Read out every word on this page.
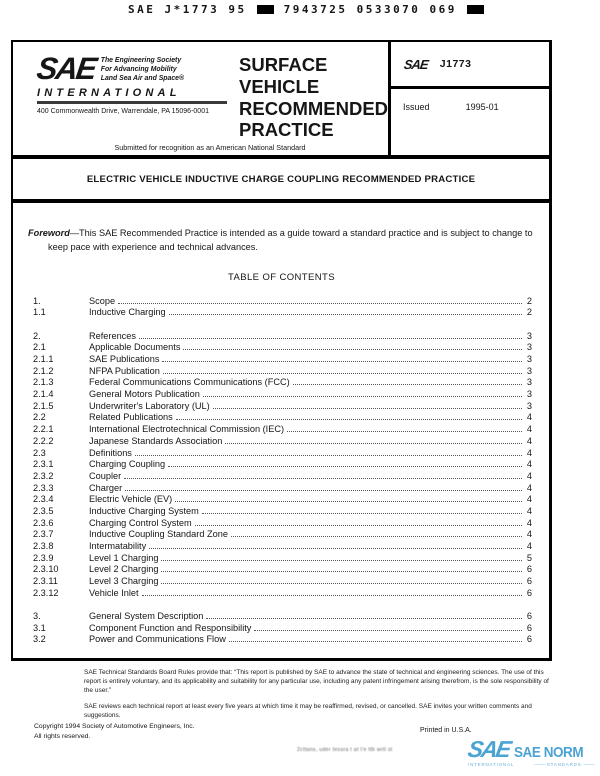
SAE J*1773 95	7943725 0533070 069
SAE The Engineering Society
For Advancing Mobility
Land Sea Air and Space®
INTERNATIONAL
400 Commonwealth Drive, Warrendale, PA 15096-0001
SURFACE
VEHICLE
RECOMMENDED
PRACTICE
SAE J1773
Issued	1995-01
Submitted for recognition as an American National Standard
ELECTRIC VEHICLE INDUCTIVE CHARGE COUPLING RECOMMENDED PRACTICE

Foreword—This SAE Recommended Practice is intended as a guide toward a standard practice and is subject to change to keep pace with experience and technical advances.

TABLE OF CONTENTS
1.	Scope	2
1.1	Inductive Charging	2
2.	References	3
2.1	Applicable Documents	3
2.1.1	SAE Publications	3
2.1.2	NFPA Publication	3
2.1.3	Federal Communications Communications (FCC)	3
2.1.4	General Motors Publication	3
2.1.5	Underwriter's Laboratory (UL)	3
2.2	Related Publications	4
2.2.1	International Electrotechnical Commission (IEC)	4
2.2.2	Japanese Standards Association	4
2.3	Definitions	4
2.3.1	Charging Coupling	4
2.3.2	Coupler	4
2.3.3	Charger	4
2.3.4	Electric Vehicle (EV)	4
2.3.5	Inductive Charging System	4
2.3.6	Charging Control System	4
2.3.7	Inductive Coupling Standard Zone	4
2.3.8	Intermatability	4
2.3.9	Level 1 Charging	5
2.3.10	Level 2 Charging	6
2.3.11	Level 3 Charging	6
2.3.12	Vehicle Inlet	6
3.	General System Description	6
3.1	Component Function and Responsibility	6
3.2	Power and Communications Flow	6

SAE Technical Standards Board Rules provide that: “This report is published by SAE to advance the state of technical and engineering sciences. The use of this report is entirely voluntary, and its applicability and suitability for any particular use, including any patent infringement arising therefrom, is the sole responsibility of the user.”

SAE reviews each technical report at least every five years at which time it may be reaffirmed, revised, or cancelled. SAE invites your written comments and suggestions.

Copyright 1994 Society of Automotive Engineers, Inc.
All rights reserved.
Printed in U.S.A.
2cttans, uder tessra t at t'e ttb wrtl st	SAE SAE NORM
INTERNATIONAL	——— STANDARDS ———
